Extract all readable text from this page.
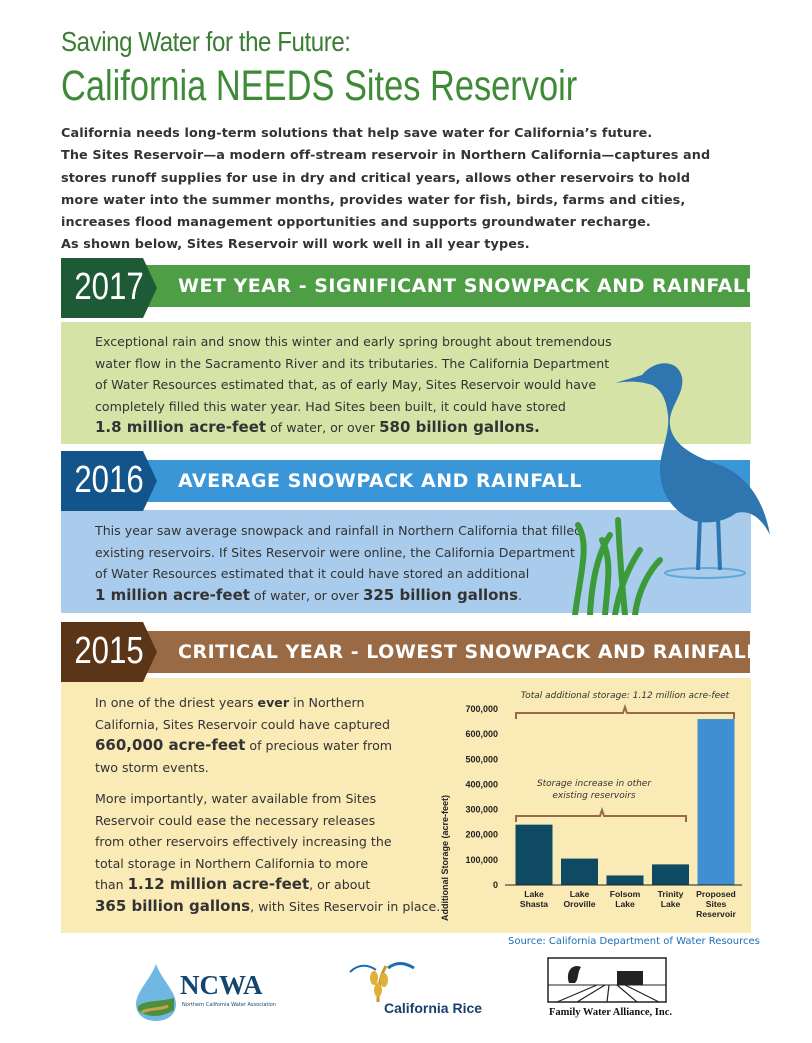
Saving Water for the Future:
California NEEDS Sites Reservoir
California needs long-term solutions that help save water for California’s future.
The Sites Reservoir—a modern off-stream reservoir in Northern California—captures and
stores runoff supplies for use in dry and critical years, allows other reservoirs to hold
more water into the summer months, provides water for fish, birds, farms and cities,
increases flood management opportunities and supports groundwater recharge.
As shown below, Sites Reservoir will work well in all year types.
WET YEAR - SIGNIFICANT SNOWPACK AND RAINFALL
2017
Exceptional rain and snow this winter and early spring brought about tremendous
water flow in the Sacramento River and its tributaries. The California Department
of Water Resources estimated that, as of early May, Sites Reservoir would have
completely filled this water year. Had Sites been built, it could have stored
1.8 million acre-feet of water, or over 580 billion gallons.
AVERAGE SNOWPACK AND RAINFALL
2016
This year saw average snowpack and rainfall in Northern California that filled
existing reservoirs. If Sites Reservoir were online, the California Department
of Water Resources estimated that it could have stored an additional
1 million acre-feet of water, or over 325 billion gallons.
CRITICAL YEAR - LOWEST SNOWPACK AND RAINFALL
2015
In one of the driest years ever in Northern
California, Sites Reservoir could have captured
660,000 acre-feet of precious water from
two storm events.
More importantly, water available from Sites
Reservoir could ease the necessary releases
from other reservoirs effectively increasing the
total storage in Northern California to more
than 1.12 million acre-feet, or about
365 billion gallons, with Sites Reservoir in place.
Total additional storage: 1.12 million acre-feet
Storage increase in other
existing reservoirs
Additional Storage (acre-feet)	0
100,000
200,000
300,000
400,000
500,000
600,000
700,000
Lake
Shasta
Lake
Oroville
Folsom
Lake
Trinity
Lake
Proposed
Sites
Reservoir
Source: California Department of Water Resources
NCWA
Northern California Water Association	California Rice	Family Water Alliance, Inc.
